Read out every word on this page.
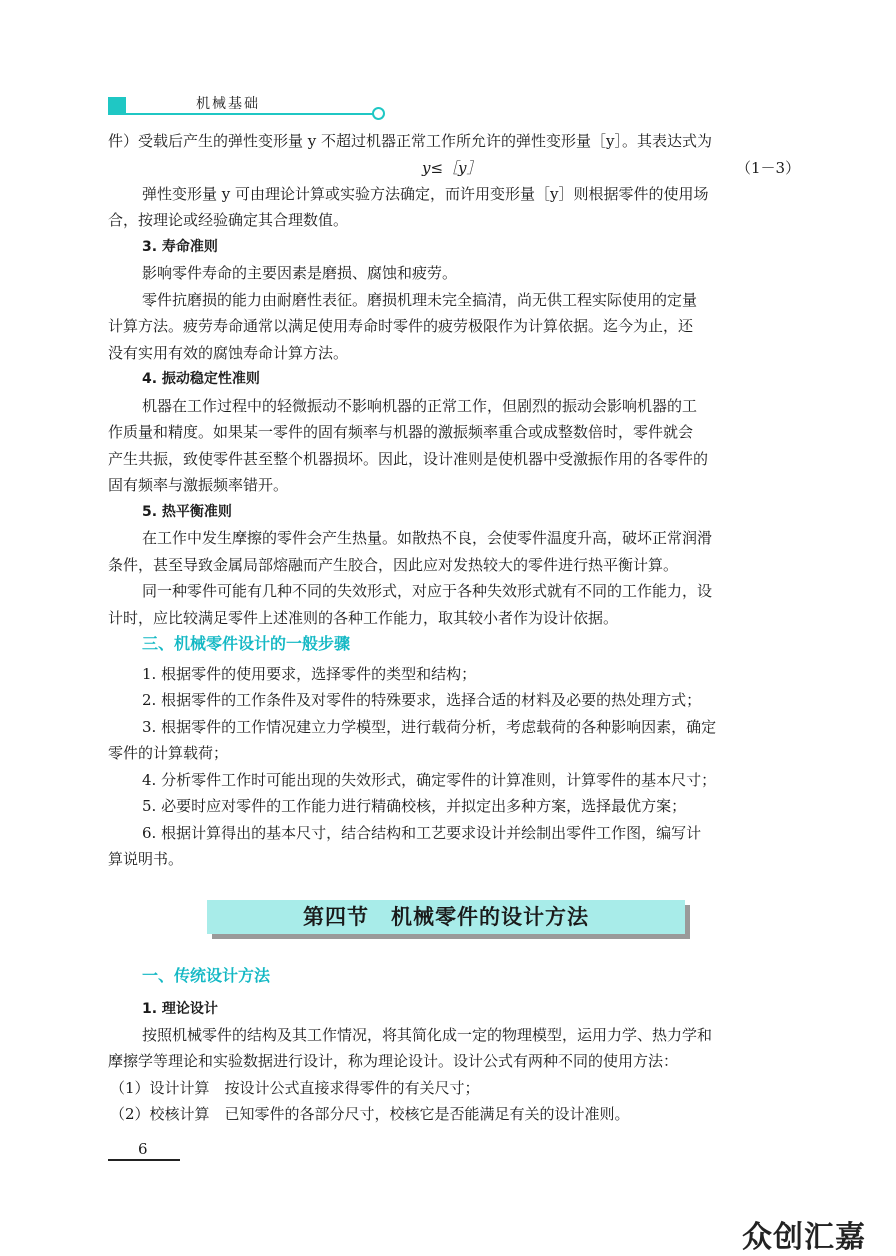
机械基础
件）受载后产生的弹性变形量 y 不超过机器正常工作所允许的弹性变形量［y］。其表达式为
y≤［y］	（1－3）
弹性变形量 y 可由理论计算或实验方法确定，而许用变形量［y］则根据零件的使用场
合，按理论或经验确定其合理数值。
3. 寿命准则
影响零件寿命的主要因素是磨损、腐蚀和疲劳。
零件抗磨损的能力由耐磨性表征。磨损机理未完全搞清，尚无供工程实际使用的定量
计算方法。疲劳寿命通常以满足使用寿命时零件的疲劳极限作为计算依据。迄今为止，还
没有实用有效的腐蚀寿命计算方法。
4. 振动稳定性准则
机器在工作过程中的轻微振动不影响机器的正常工作，但剧烈的振动会影响机器的工
作质量和精度。如果某一零件的固有频率与机器的激振频率重合或成整数倍时，零件就会
产生共振，致使零件甚至整个机器损坏。因此，设计准则是使机器中受激振作用的各零件的
固有频率与激振频率错开。
5. 热平衡准则
在工作中发生摩擦的零件会产生热量。如散热不良，会使零件温度升高，破坏正常润滑
条件，甚至导致金属局部熔融而产生胶合，因此应对发热较大的零件进行热平衡计算。
同一种零件可能有几种不同的失效形式，对应于各种失效形式就有不同的工作能力，设
计时，应比较满足零件上述准则的各种工作能力，取其较小者作为设计依据。
三、机械零件设计的一般步骤
1. 根据零件的使用要求，选择零件的类型和结构；
2. 根据零件的工作条件及对零件的特殊要求，选择合适的材料及必要的热处理方式；
3. 根据零件的工作情况建立力学模型，进行载荷分析，考虑载荷的各种影响因素，确定
零件的计算载荷；
4. 分析零件工作时可能出现的失效形式，确定零件的计算准则，计算零件的基本尺寸；
5. 必要时应对零件的工作能力进行精确校核，并拟定出多种方案，选择最优方案；
6. 根据计算得出的基本尺寸，结合结构和工艺要求设计并绘制出零件工作图，编写计
算说明书。
第四节　机械零件的设计方法
一、传统设计方法
1. 理论设计
按照机械零件的结构及其工作情况，将其简化成一定的物理模型，运用力学、热力学和
摩擦学等理论和实验数据进行设计，称为理论设计。设计公式有两种不同的使用方法：
（1）设计计算　按设计公式直接求得零件的有关尺寸；
（2）校核计算　已知零件的各部分尺寸，校核它是否能满足有关的设计准则。
6
众创汇嘉
